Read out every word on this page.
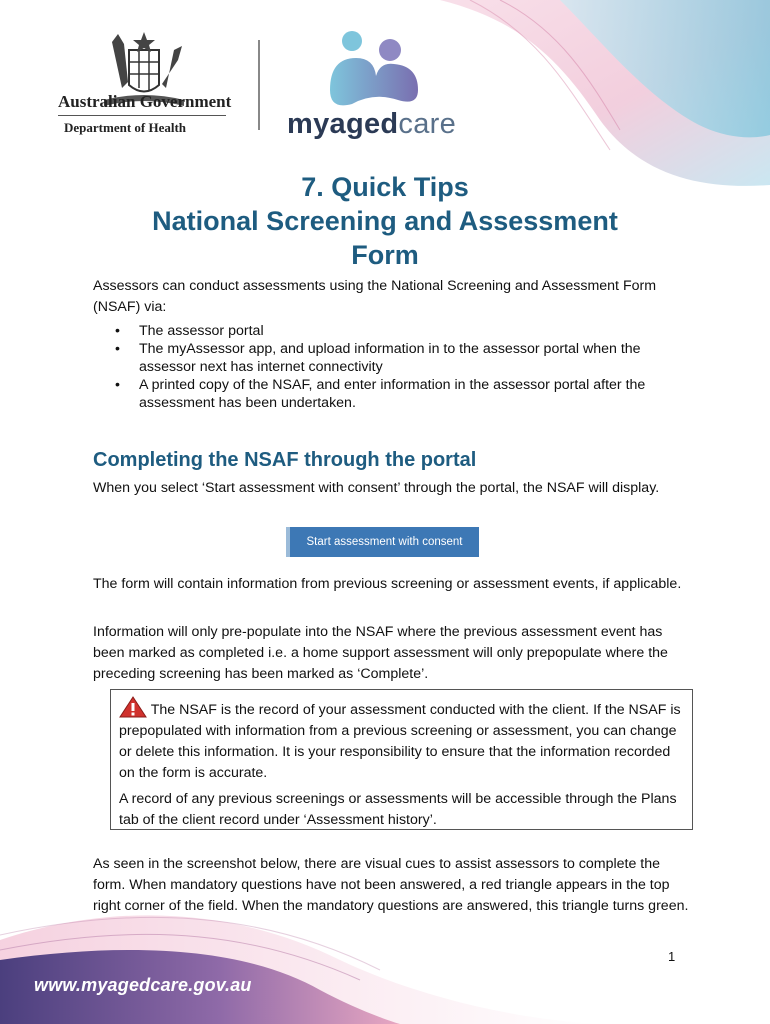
Australian Government
Department of Health	myagedcare
7. Quick Tips
National Screening and Assessment
Form
Assessors can conduct assessments using the National Screening and Assessment Form (NSAF) via:
• The assessor portal
• The myAssessor app, and upload information in to the assessor portal when the assessor next has internet connectivity
• A printed copy of the NSAF, and enter information in the assessor portal after the assessment has been undertaken.
Completing the NSAF through the portal
When you select ‘Start assessment with consent’ through the portal, the NSAF will display.
Start assessment with consent
The form will contain information from previous screening or assessment events, if applicable.
Information will only pre-populate into the NSAF where the previous assessment event has been marked as completed i.e. a home support assessment will only prepopulate where the preceding screening has been marked as ‘Complete’.

The NSAF is the record of your assessment conducted with the client. If the NSAF is prepopulated with information from a previous screening or assessment, you can change or delete this information. It is your responsibility to ensure that the information recorded on the form is accurate.

A record of any previous screenings or assessments will be accessible through the Plans tab of the client record under ‘Assessment history’.

As seen in the screenshot below, there are visual cues to assist assessors to complete the form. When mandatory questions have not been answered, a red triangle appears in the top right corner of the field. When the mandatory questions are answered, this triangle turns green.
1
www.myagedcare.gov.au
